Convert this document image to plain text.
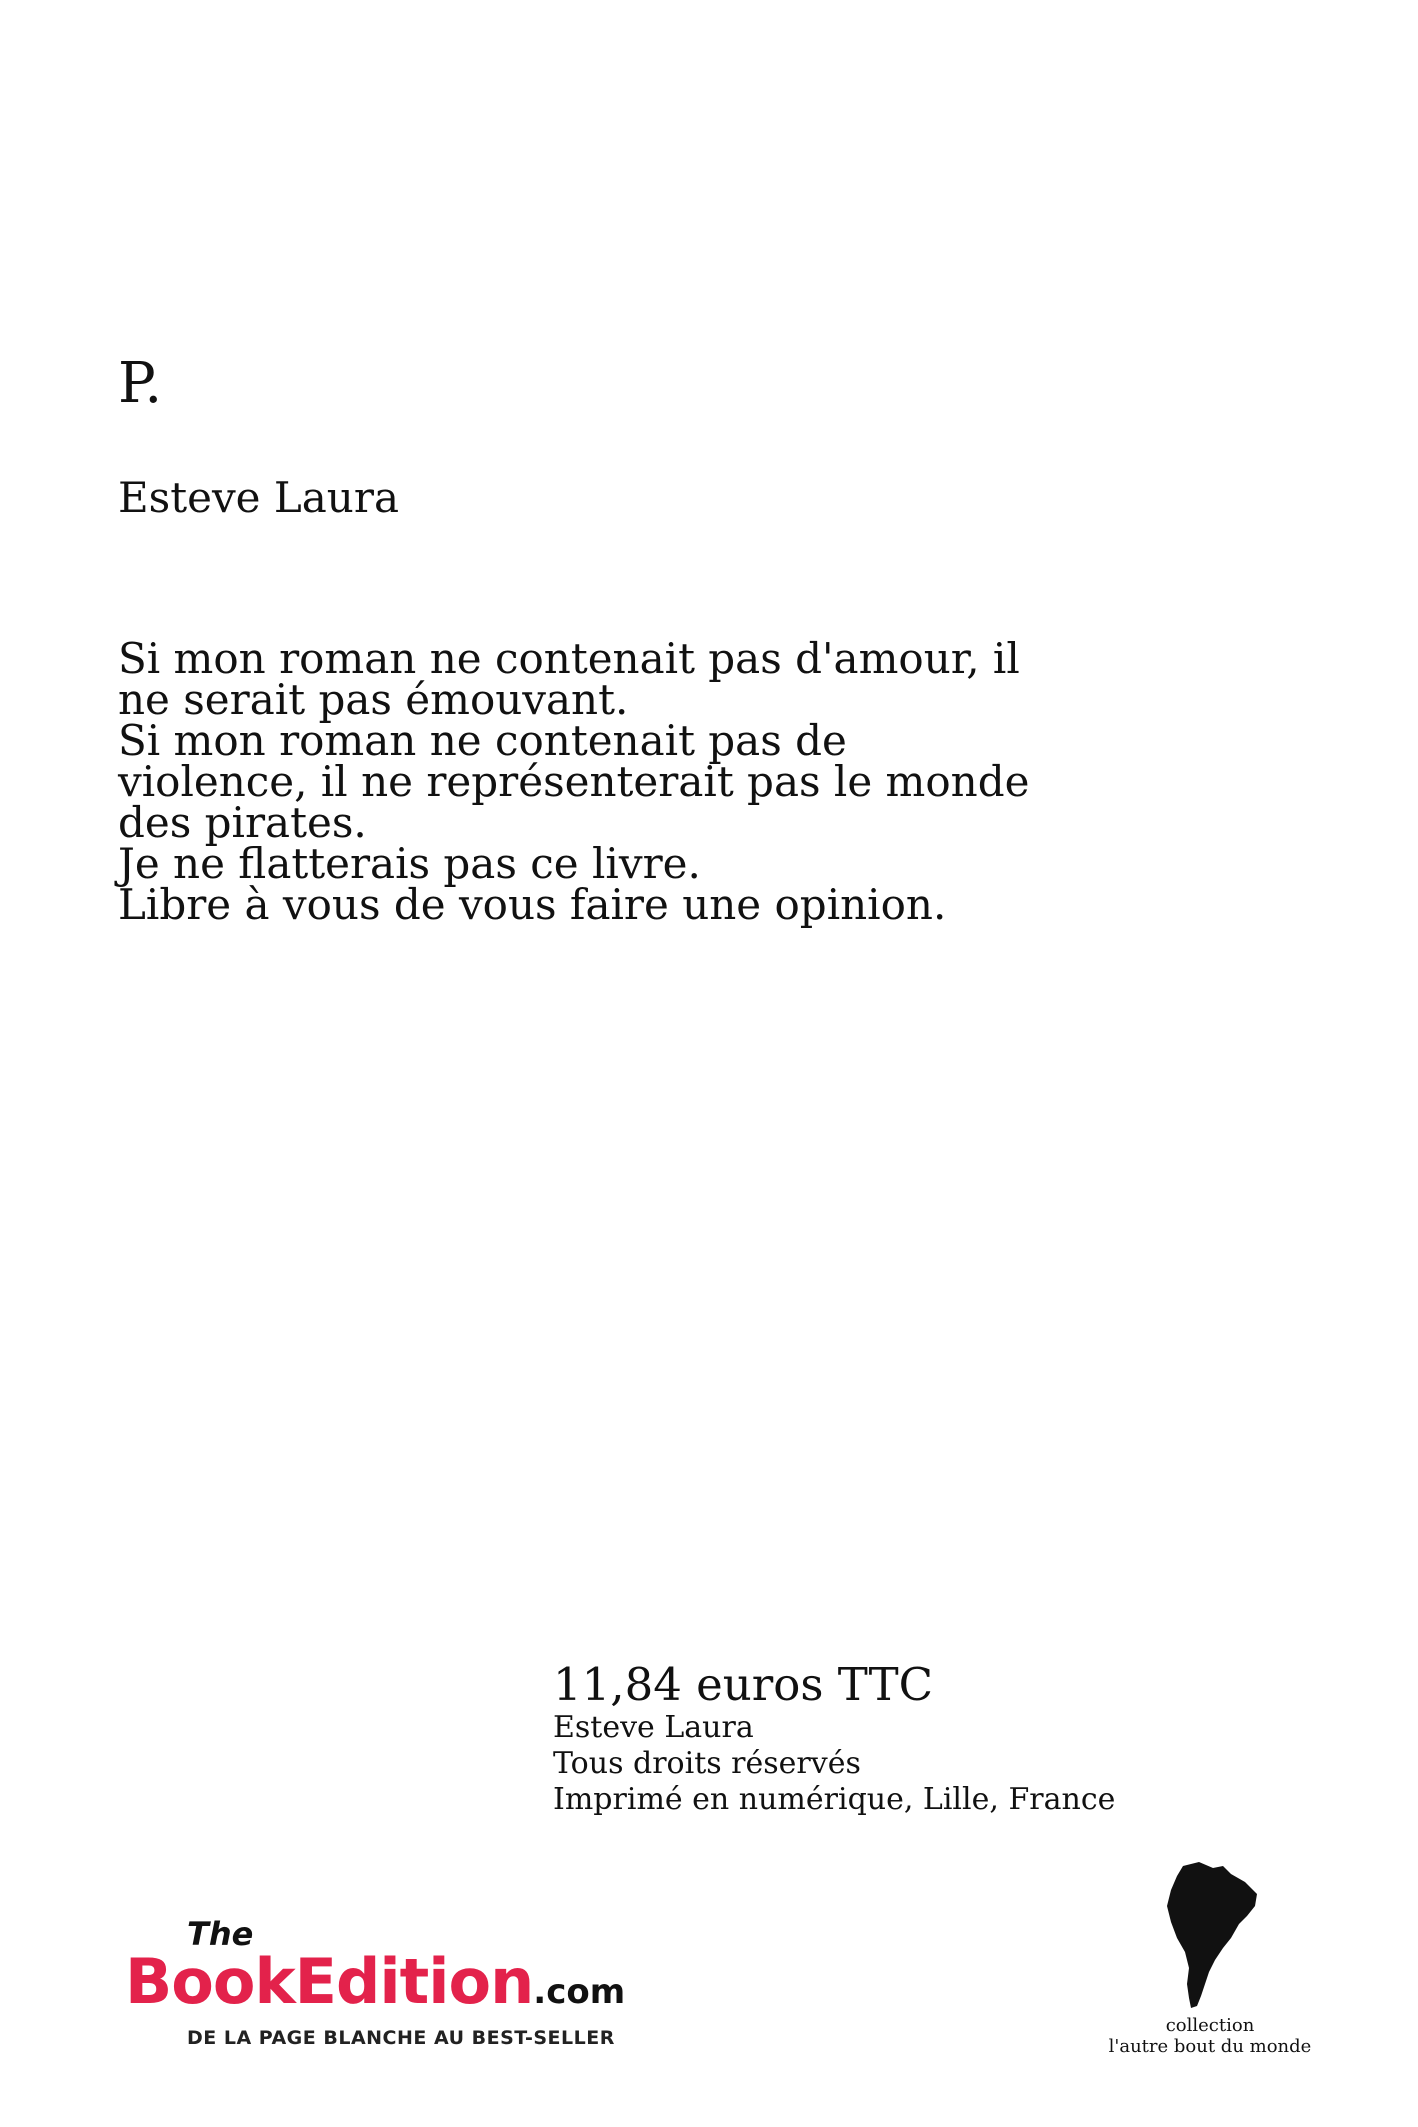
P.

Esteve Laura

Si mon roman ne contenait pas d'amour, il
ne serait pas émouvant.
Si mon roman ne contenait pas de
violence, il ne représenterait pas le monde
des pirates.
Je ne flatterais pas ce livre.
Libre à vous de vous faire une opinion.

11,84 euros TTC
Esteve Laura
Tous droits réservés
Imprimé en numérique, Lille, France
The
BookEdition.com
DE LA PAGE BLANCHE AU BEST-SELLER
collection
l'autre bout du monde
